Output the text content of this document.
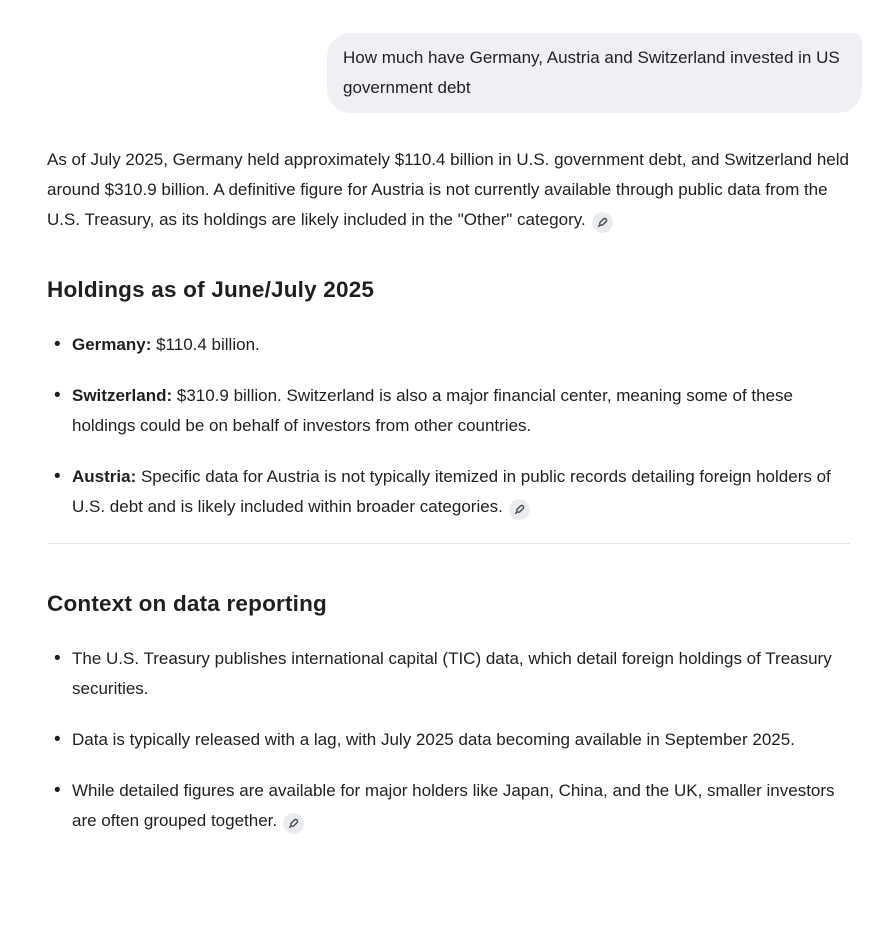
How much have Germany, Austria and Switzerland invested in US government debt

As of July 2025, Germany held approximately $110.4 billion in U.S. government debt, and Switzerland held around $310.9 billion. A definitive figure for Austria is not currently available through public data from the U.S. Treasury, as its holdings are likely included in the "Other" category.

Holdings as of June/July 2025
• Germany: $110.4 billion.
• Switzerland: $310.9 billion. Switzerland is also a major financial center, meaning some of these holdings could be on behalf of investors from other countries.
• Austria: Specific data for Austria is not typically itemized in public records detailing foreign holders of U.S. debt and is likely included within broader categories.
Context on data reporting
• The U.S. Treasury publishes international capital (TIC) data, which detail foreign holdings of Treasury securities.
• Data is typically released with a lag, with July 2025 data becoming available in September 2025.
• While detailed figures are available for major holders like Japan, China, and the UK, smaller investors are often grouped together.
